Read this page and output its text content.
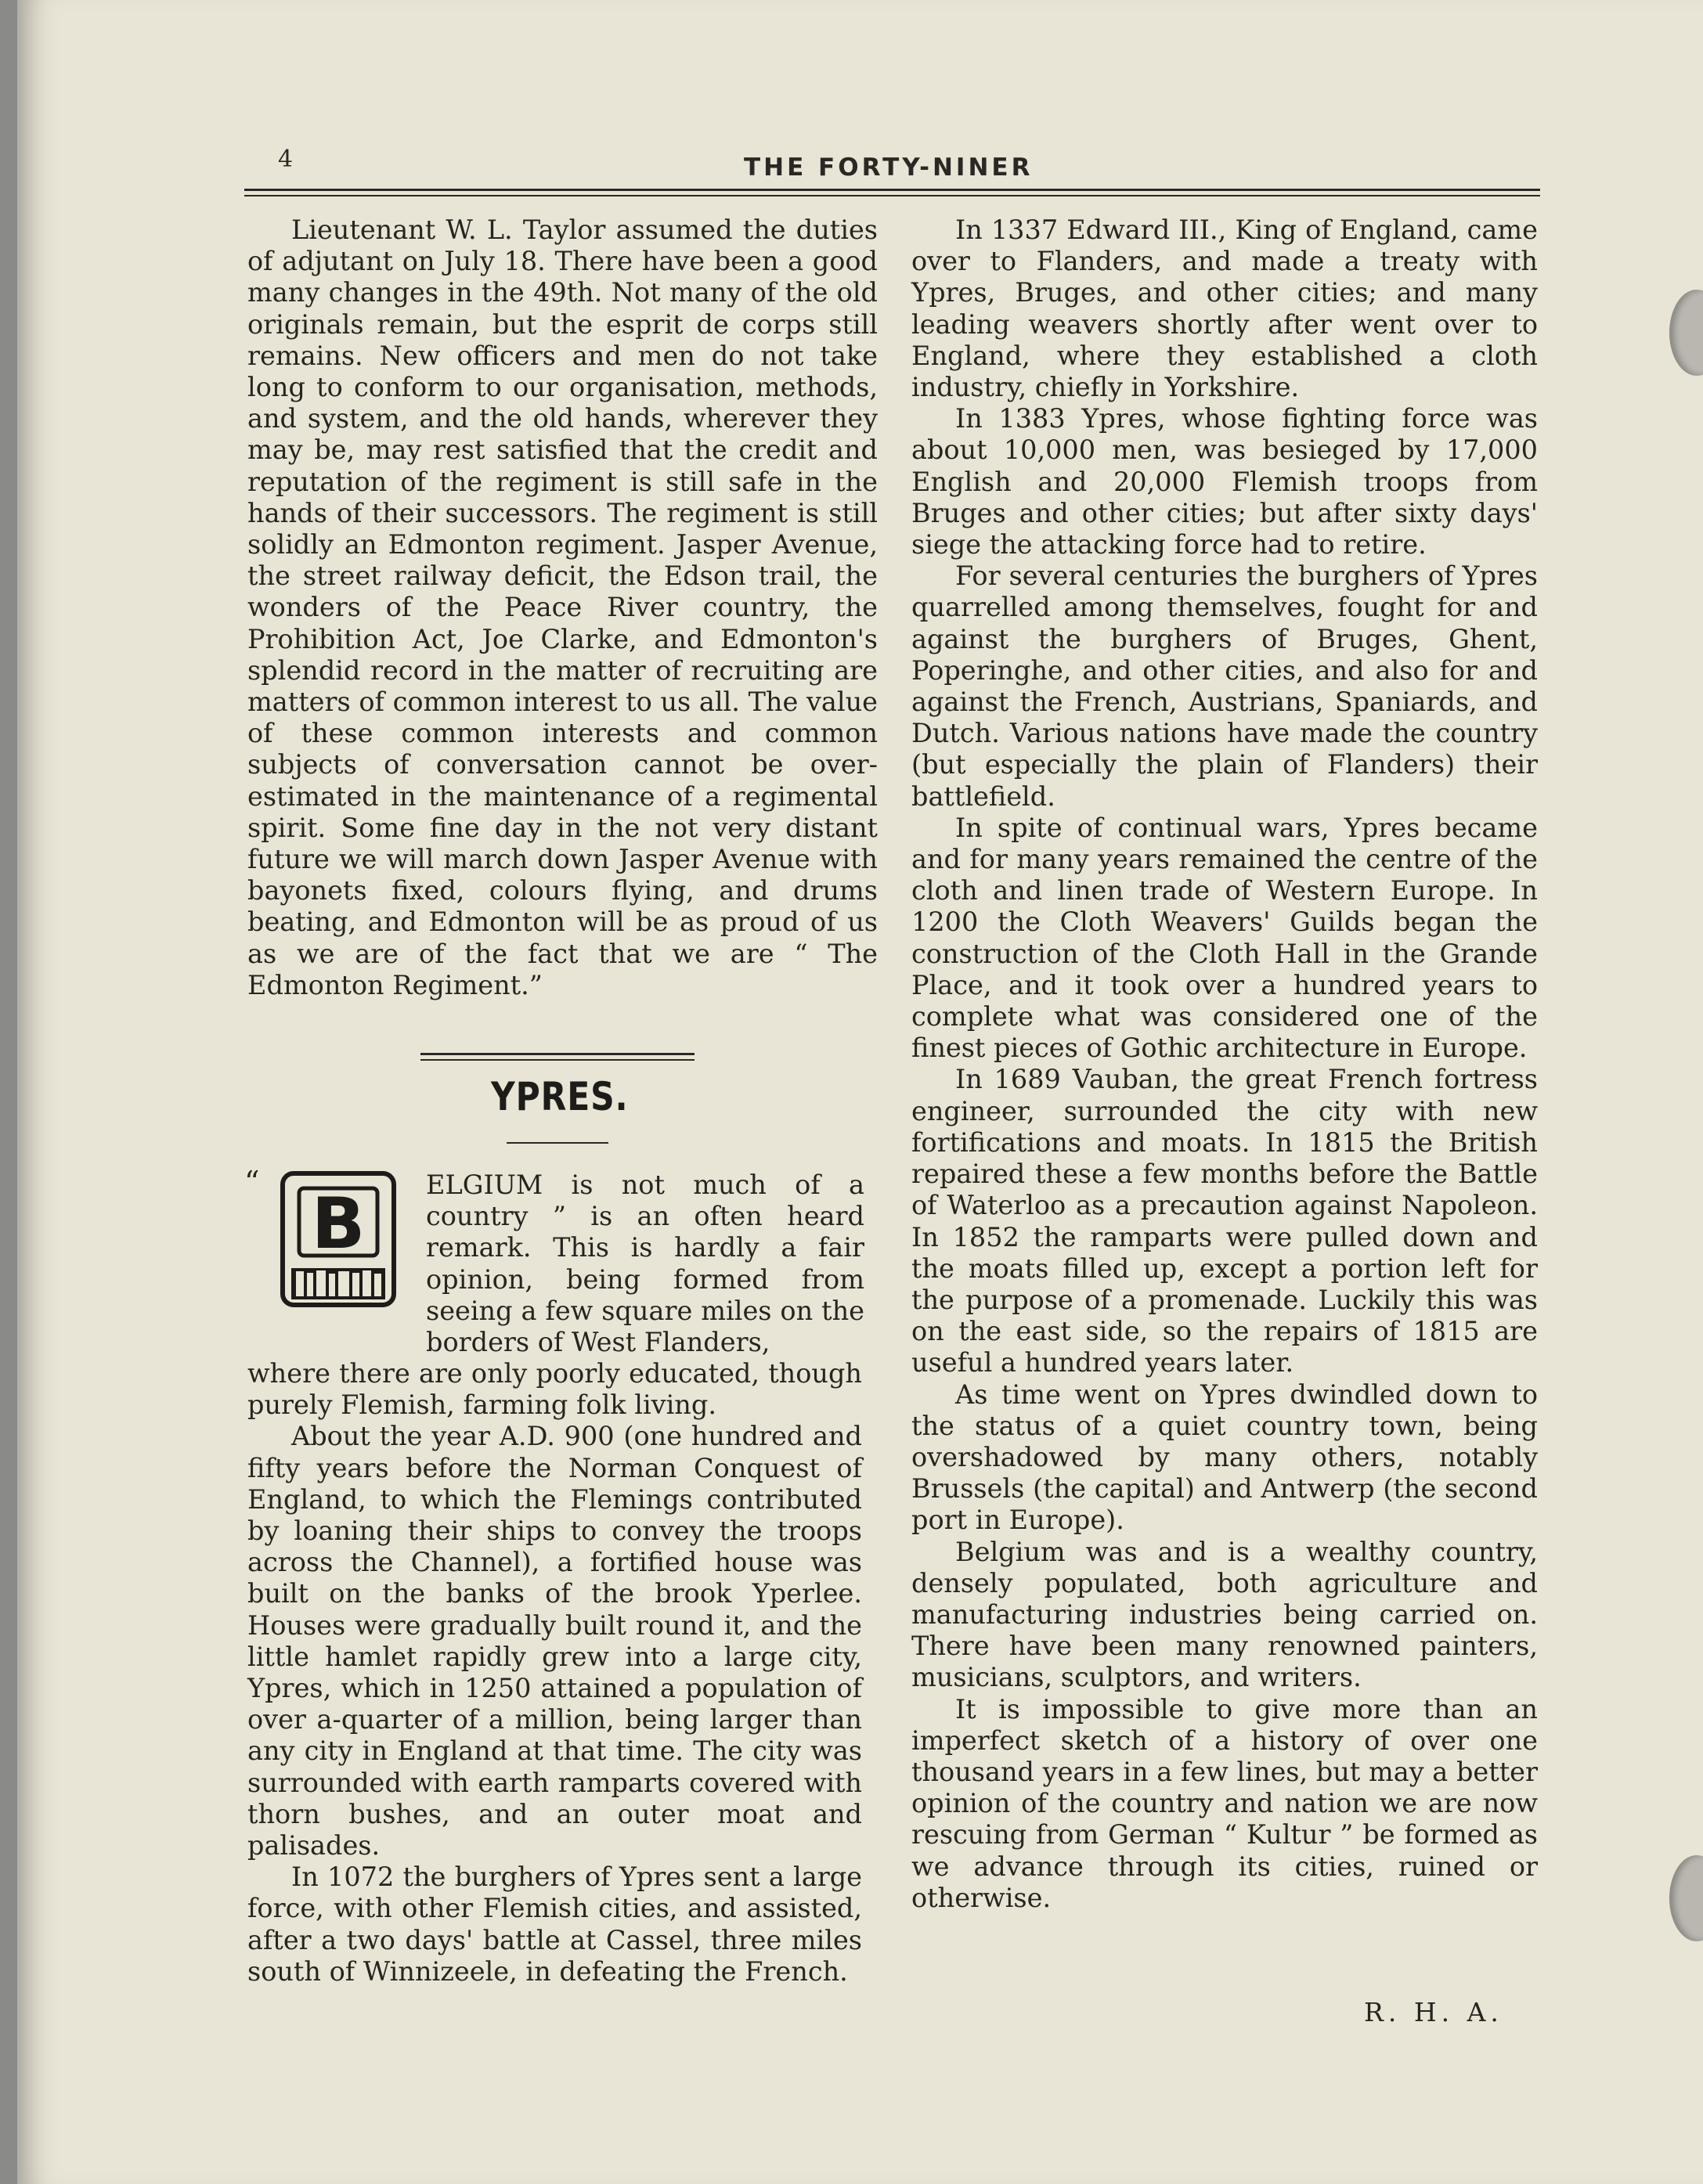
4	THE FORTY-NINER

Lieutenant W. L. Taylor assumed the duties of adjutant on July 18. There have been a good many changes in the 49th. Not many of the old originals remain, but the esprit de corps still remains. New officers and men do not take long to conform to our organisation, methods, and system, and the old hands, wherever they may be, may rest satisfied that the credit and reputation of the regiment is still safe in the hands of their successors. The regiment is still solidly an Edmonton regiment. Jasper Avenue, the street railway deficit, the Edson trail, the wonders of the Peace River country, the Prohibition Act, Joe Clarke, and Edmonton's splendid record in the matter of recruiting are matters of common interest to us all. The value of these common interests and common subjects of conversation cannot be over-estimated in the maintenance of a regimental spirit. Some fine day in the not very distant future we will march down Jasper Avenue with bayonets fixed, colours flying, and drums beating, and Edmonton will be as proud of us as we are of the fact that we are “ The Edmonton Regiment.”

YPRES.
“
B ELGIUM is not much of a country ” is an often heard remark. This is hardly a fair opinion, being formed from seeing a few square miles on the borders of West Flanders,

where there are only poorly educated, though purely Flemish, farming folk living.

About the year A.D. 900 (one hundred and fifty years before the Norman Conquest of England, to which the Flemings contributed by loaning their ships to convey the troops across the Channel), a fortified house was built on the banks of the brook Yperlee. Houses were gradually built round it, and the little hamlet rapidly grew into a large city, Ypres, which in 1250 attained a population of over a-quarter of a million, being larger than any city in England at that time. The city was surrounded with earth ramparts covered with thorn bushes, and an outer moat and palisades.

In 1072 the burghers of Ypres sent a large force, with other Flemish cities, and assisted, after a two days' battle at Cassel, three miles south of Winnizeele, in defeating the French.

In 1337 Edward III., King of England, came over to Flanders, and made a treaty with Ypres, Bruges, and other cities; and many leading weavers shortly after went over to England, where they established a cloth industry, chiefly in Yorkshire.

In 1383 Ypres, whose fighting force was about 10,000 men, was besieged by 17,000 English and 20,000 Flemish troops from Bruges and other cities; but after sixty days' siege the attacking force had to retire.

For several centuries the burghers of Ypres quarrelled among themselves, fought for and against the burghers of Bruges, Ghent, Poperinghe, and other cities, and also for and against the French, Austrians, Spaniards, and Dutch. Various nations have made the country (but especially the plain of Flanders) their battlefield.

In spite of continual wars, Ypres became and for many years remained the centre of the cloth and linen trade of Western Europe. In 1200 the Cloth Weavers' Guilds began the construction of the Cloth Hall in the Grande Place, and it took over a hundred years to complete what was considered one of the finest pieces of Gothic architecture in Europe.

In 1689 Vauban, the great French fortress engineer, surrounded the city with new fortifications and moats. In 1815 the British repaired these a few months before the Battle of Waterloo as a precaution against Napoleon. In 1852 the ramparts were pulled down and the moats filled up, except a portion left for the purpose of a promenade. Luckily this was on the east side, so the repairs of 1815 are useful a hundred years later.

As time went on Ypres dwindled down to the status of a quiet country town, being overshadowed by many others, notably Brussels (the capital) and Antwerp (the second port in Europe).

Belgium was and is a wealthy country, densely populated, both agriculture and manufacturing industries being carried on. There have been many renowned painters, musicians, sculptors, and writers.

It is impossible to give more than an imperfect sketch of a history of over one thousand years in a few lines, but may a better opinion of the country and nation we are now rescuing from German “ Kultur ” be formed as we advance through its cities, ruined or otherwise.

R. H. A.
